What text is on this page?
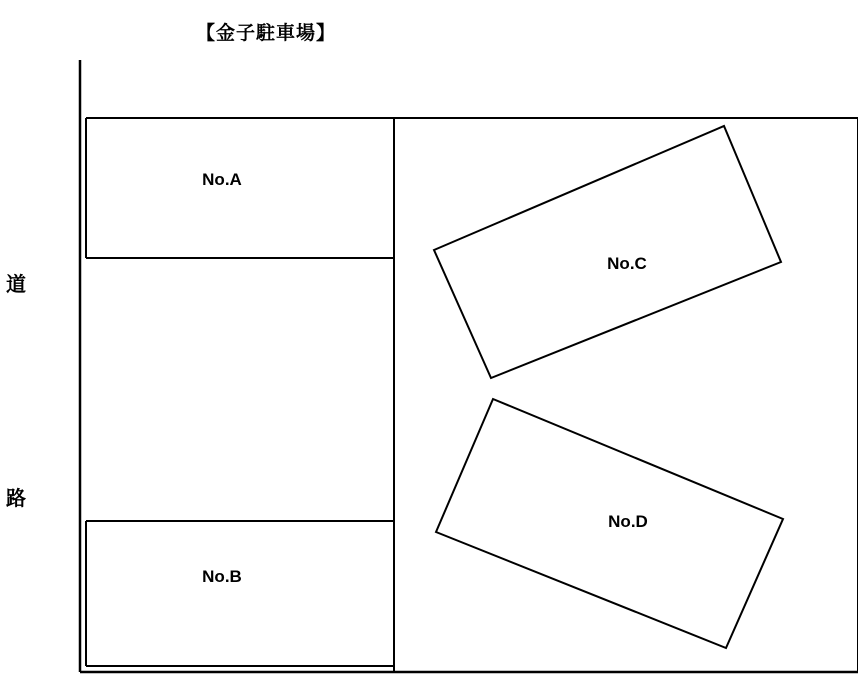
【金子駐車場】
道
路
No.A
No.B
No.C
No.D
